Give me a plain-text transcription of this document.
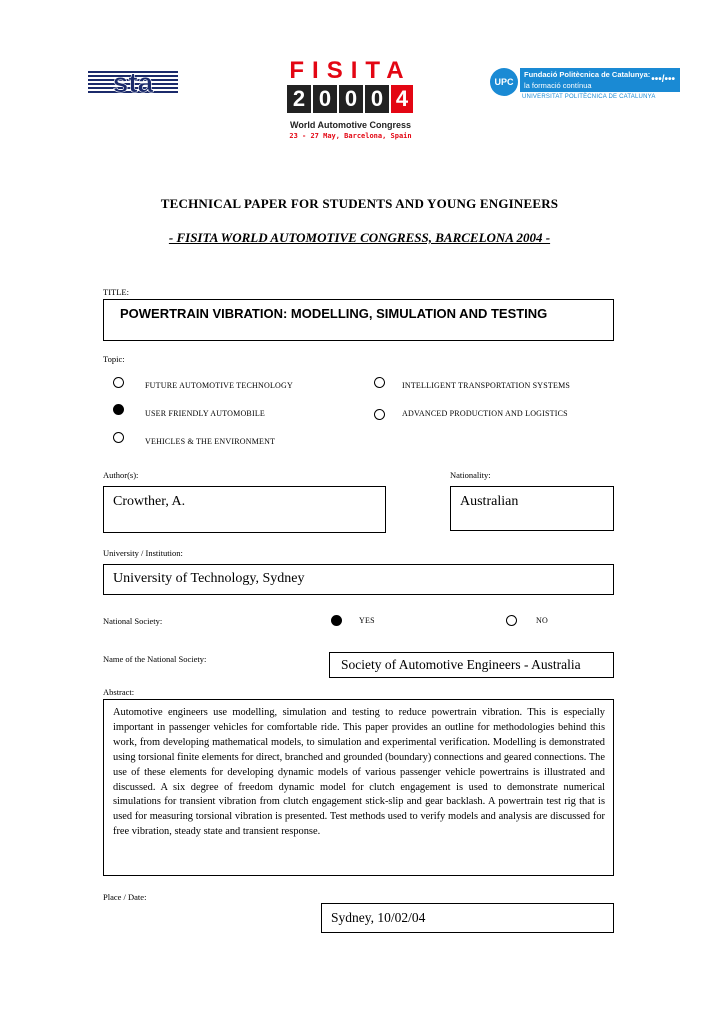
sta	FISITA
2 0 0 0 4
World Automotive Congress
23 - 27 May, Barcelona, Spain
UPC
Fundació Politècnica de Catalunya:
la formació contínua
•••/•••
UNIVERSITAT POLITÈCNICA DE CATALUNYA
TECHNICAL PAPER FOR STUDENTS AND YOUNG ENGINEERS
- FISITA WORLD AUTOMOTIVE CONGRESS, BARCELONA 2004 -
TITLE:
POWERTRAIN VIBRATION: MODELLING, SIMULATION AND TESTING
Topic:
FUTURE AUTOMOTIVE TECHNOLOGY	INTELLIGENT TRANSPORTATION SYSTEMS
USER FRIENDLY AUTOMOBILE	ADVANCED PRODUCTION AND LOGISTICS
VEHICLES & THE ENVIRONMENT
Author(s):	Nationality:
Crowther, A.	Australian
University / Institution:
University of Technology, Sydney
National Society:	YES	NO
Name of the National Society:	Society of Automotive Engineers - Australia
Abstract:
Automotive engineers use modelling, simulation and testing to reduce powertrain vibration. This is especially important in passenger vehicles for comfortable ride. This paper provides an outline for methodologies behind this work, from developing mathematical models, to simulation and experimental verification. Modelling is demonstrated using torsional finite elements for direct, branched and grounded (boundary) connections and geared connections. The use of these elements for developing dynamic models of various passenger vehicle powertrains is illustrated and discussed. A six degree of freedom dynamic model for clutch engagement is used to demonstrate numerical simulations for transient vibration from clutch engagement stick-slip and gear backlash. A powertrain test rig that is used for measuring torsional vibration is presented. Test methods used to verify models and analysis are discussed for free vibration, steady state and transient response.
Place / Date:
Sydney, 10/02/04
